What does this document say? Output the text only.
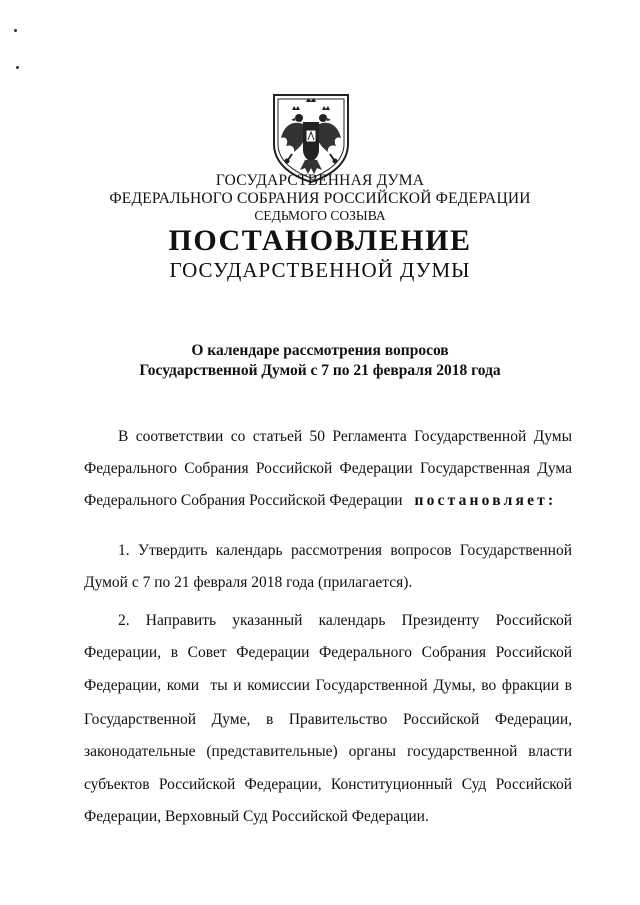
ГОСУДАРСТВЕННАЯ ДУМА
ФЕДЕРАЛЬНОГО СОБРАНИЯ РОССИЙСКОЙ ФЕДЕРАЦИИ
СЕДЬМОГО СОЗЫВА
ПОСТАНОВЛЕНИЕ
ГОСУДАРСТВЕННОЙ ДУМЫ
О календаре рассмотрения вопросов
Государственной Думой с 7 по 21 февраля 2018 года
В соответствии со статьей 50 Регламента Государственной Думы
Федерального Собрания Российской Федерации Государственная Дума
Федерального Собрания Российской Федерации постановляет:
1. Утвердить календарь рассмотрения вопросов Государственной
Думой с 7 по 21 февраля 2018 года (прилагается).
2. Направить указанный календарь Президенту Российской
Федерации, в Совет Федерации Федерального Собрания Российской
Федерации, коми  ты и комиссии Государственной Думы, во фракции в
Государственной Думе, в Правительство Российской Федерации,
законодательные (представительные) органы государственной власти
субъектов Российской Федерации, Конституционный Суд Российской
Федерации, Верховный Суд Российской Федерации.
